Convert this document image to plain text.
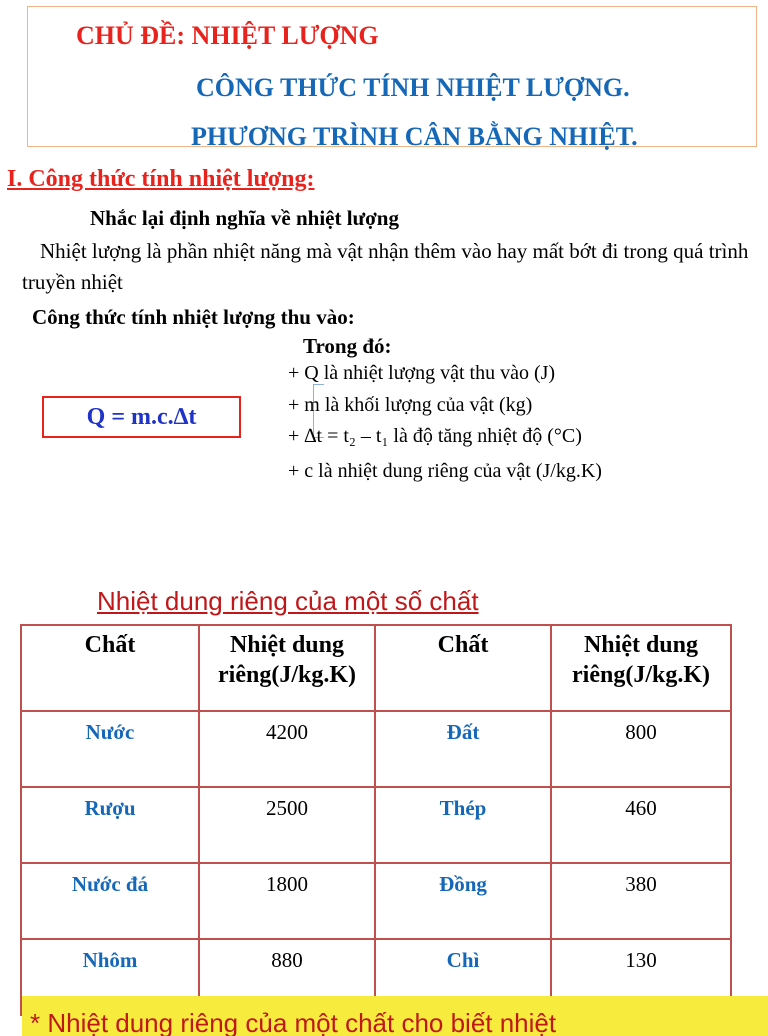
CHỦ ĐỀ: NHIỆT LƯỢNG
CÔNG THỨC TÍNH NHIỆT LƯỢNG.
PHƯƠNG TRÌNH CÂN BẰNG NHIỆT.
I. Công thức tính nhiệt lượng:
Nhắc lại định nghĩa về nhiệt lượng
Nhiệt lượng là phần nhiệt năng mà vật nhận thêm vào hay mất bớt đi trong quá trình truyền nhiệt
Công thức tính nhiệt lượng thu vào:
Trong đó:
+ Q là nhiệt lượng vật thu vào (J)
+ m là khối lượng của vật (kg)
+ ∆t = t₂ – t₁ là độ tăng nhiệt độ (°C)
+ c là nhiệt dung riêng của vật (J/kg.K)
Q = m.c.∆t
Nhiệt dung riêng của một số chất
Chất	Nhiệt dung riêng(J/kg.K)	Chất	Nhiệt dung riêng(J/kg.K)
Nước	4200	Đất	800
Rượu	2500	Thép	460
Nước đá	1800	Đồng	380
Nhôm	880	Chì	130
* Nhiệt dung riêng của một chất cho biết nhiệt
